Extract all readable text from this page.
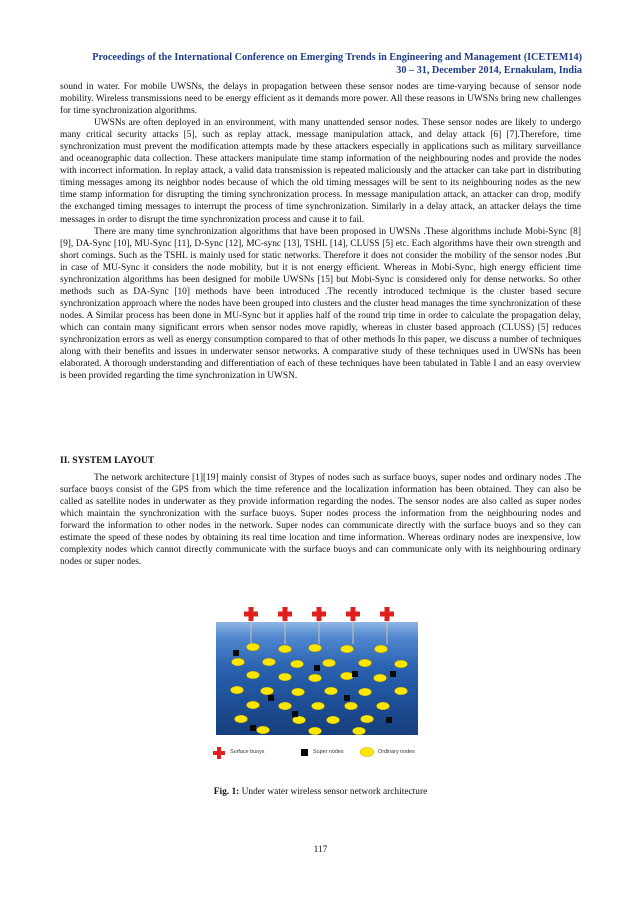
Proceedings of the International Conference on Emerging Trends in Engineering and Management (ICETEM14)
30 – 31, December 2014, Ernakulam, India

sound in water. For mobile UWSNs, the delays in propagation between these sensor nodes are time-varying because of sensor node mobility. Wireless transmissions need to be energy efficient as it demands more power. All these reasons in UWSNs bring new challenges for time synchronization algorithms.

UWSNs are often deployed in an environment, with many unattended sensor nodes. These sensor nodes are likely to undergo many critical security attacks [5], such as replay attack, message manipulation attack, and delay attack [6] [7].Therefore, time synchronization must prevent the modification attempts made by these attackers especially in applications such as military surveillance and oceanographic data collection. These attackers manipulate time stamp information of the neighbouring nodes and provide the nodes with incorrect information. In replay attack, a valid data transmission is repeated maliciously and the attacker can take part in distributing timing messages among its neighbor nodes because of which the old timing messages will be sent to its neighbouring nodes as the new time stamp information for disrupting the timing synchronization process. In message manipulation attack, an attacker can drop, modify the exchanged timing messages to interrupt the process of time synchronization. Similarly in a delay attack, an attacker delays the time messages in order to disrupt the time synchronization process and cause it to fail.

There are many time synchronization algorithms that have been proposed in UWSNs .These algorithms include Mobi-Sync [8] [9], DA-Sync [10], MU-Sync [11], D-Sync [12], MC-sync [13], TSHL [14], CLUSS [5] etc. Each algorithms have their own strength and short comings. Such as the TSHL is mainly used for static networks. Therefore it does not consider the mobility of the sensor nodes .But in case of MU-Sync it considers the node mobility, but it is not energy efficient. Whereas in Mobi-Sync, high energy efficient time synchronization algorithms has been designed for mobile UWSNs [15] but Mobi-Sync is considered only for dense networks. So other methods such as DA-Sync [10] methods have been introduced .The recently introduced technique is the cluster based secure synchronization approach where the nodes have been grouped into clusters and the cluster head manages the time synchronization of these nodes. A Similar process has been done in MU-Sync but it applies half of the round trip time in order to calculate the propagation delay, which can contain many significant errors when sensor nodes move rapidly, whereas in cluster based approach (CLUSS) [5] reduces synchronization errors as well as energy consumption compared to that of other methods In this paper, we discuss a number of techniques along with their benefits and issues in underwater sensor networks. A comparative study of these techniques used in UWSNs has been elaborated. A thorough understanding and differentiation of each of these techniques have been tabulated in Table I and an easy overview is been provided regarding the time synchronization in UWSN.

II. SYSTEM LAYOUT

The network architecture [1][19] mainly consist of 3types of nodes such as surface buoys, super nodes and ordinary nodes .The surface buoys consist of the GPS from which the time reference and the localization information has been obtained. They can also be called as satellite nodes in underwater as they provide information regarding the nodes. The sensor nodes are also called as super nodes which maintain the synchronization with the surface buoys. Super nodes process the information from the neighbouring nodes and forward the information to other nodes in the network. Super nodes can communicate directly with the surface buoys and so they can estimate the speed of these nodes by obtaining its real time location and time information. Whereas ordinary nodes are inexpensive, low complexity nodes which cannot directly communicate with the surface buoys and can communicate only with its neighbouring ordinary nodes or super nodes.

Surface buoys	Super nodes	Ordinary nodes
Fig. 1: Under water wireless sensor network architecture
117
